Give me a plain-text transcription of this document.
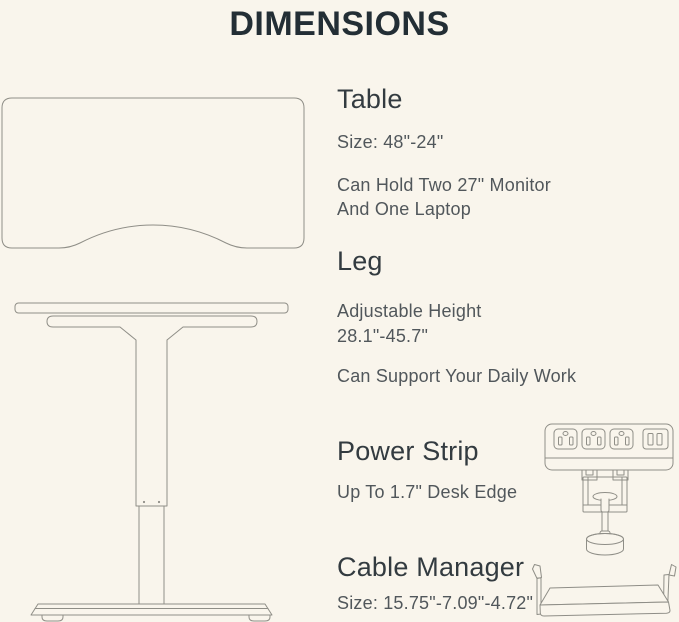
DIMENSIONS
Table
Size: 48"-24"
Can Hold Two 27" Monitor
And One Laptop
Leg
Adjustable Height
28.1"-45.7"
Can Support Your Daily Work
Power Strip
Up To 1.7" Desk Edge
Cable Manager
Size: 15.75"-7.09"-4.72"
